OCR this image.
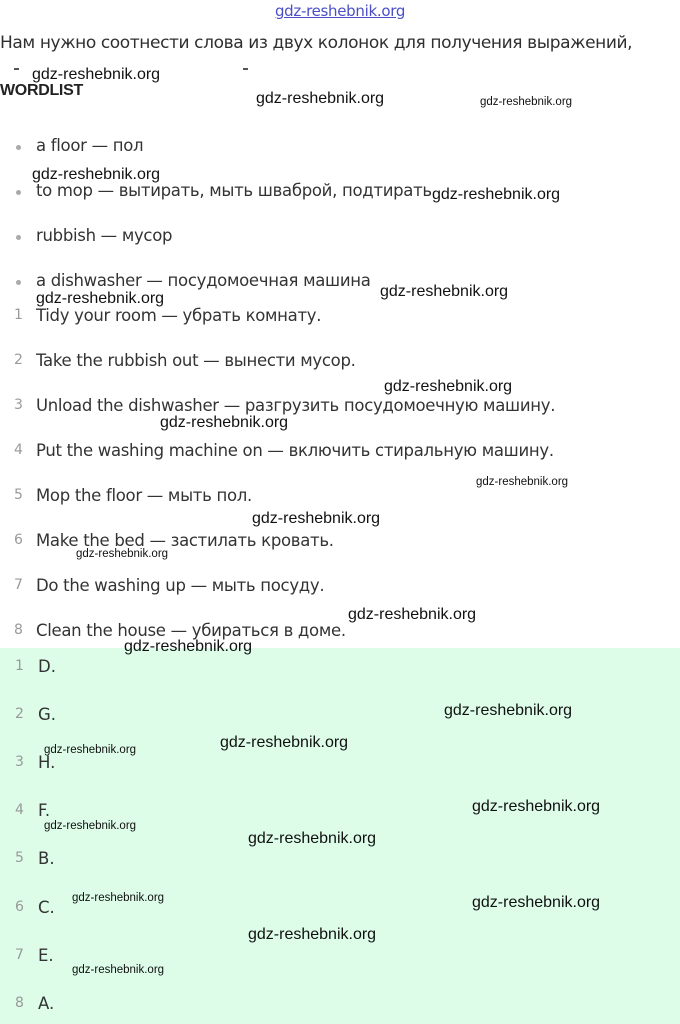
gdz-reshebnik.org
Нам нужно соотнести слова из двух колонок для получения выражений,
WORDLIST
a floor — пол
to mop — вытирать, мыть шваброй, подтирать
rubbish — мусор
a dishwasher — посудомоечная машина
1 Tidy your room — убрать комнату.
2 Take the rubbish out — вынести мусор.
3 Unload the dishwasher — разгрузить посудомоечную машину.
4 Put the washing machine on — включить стиральную машину.
5 Mop the floor — мыть пол.
6 Make the bed — застилать кровать.
7 Do the washing up — мыть посуду.
8 Clean the house — убираться в доме.
1 D.
2 G.
3 H.
4 F.
5 B.
6 C.
7 E.
8 A.
gdz-reshebnik.org
gdz-reshebnik.org	gdz-reshebnik.org
gdz-reshebnik.org
gdz-reshebnik.org
gdz-reshebnik.org
gdz-reshebnik.org
gdz-reshebnik.org
gdz-reshebnik.org
gdz-reshebnik.org
gdz-reshebnik.org
gdz-reshebnik.org
gdz-reshebnik.org
gdz-reshebnik.org
gdz-reshebnik.org
gdz-reshebnik.org
gdz-reshebnik.org
gdz-reshebnik.org
gdz-reshebnik.org
gdz-reshebnik.org
gdz-reshebnik.org	gdz-reshebnik.org
gdz-reshebnik.org
gdz-reshebnik.org
